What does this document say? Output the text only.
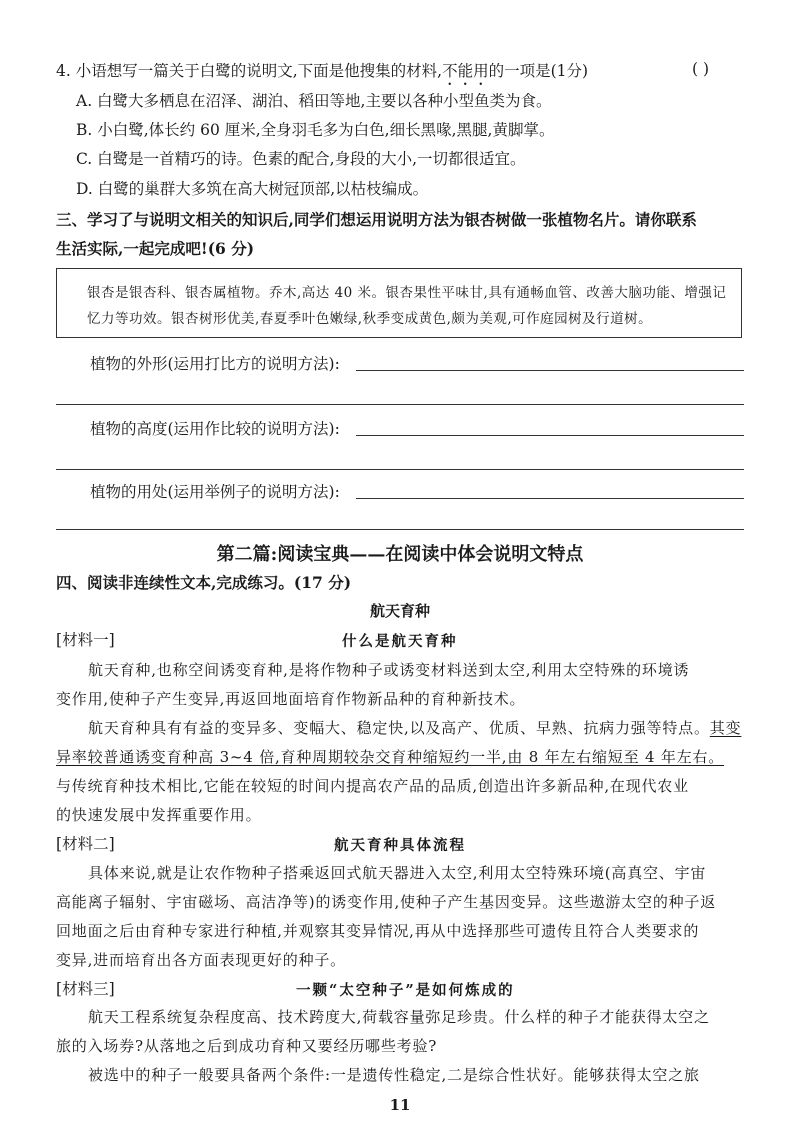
4. 小语想写一篇关于白鹭的说明文,下面是他搜集的材料,不能用的一项是(1分)	( )
A. 白鹭大多栖息在沼泽、湖泊、稻田等地,主要以各种小型鱼类为食。
B. 小白鹭,体长约 60 厘米,全身羽毛多为白色,细长黑喙,黑腿,黄脚掌。
C. 白鹭是一首精巧的诗。色素的配合,身段的大小,一切都很适宜。
D. 白鹭的巢群大多筑在高大树冠顶部,以枯枝编成。
三、学习了与说明文相关的知识后,同学们想运用说明方法为银杏树做一张植物名片。请你联系
生活实际,一起完成吧!(6 分)
银杏是银杏科、银杏属植物。乔木,高达 40 米。银杏果性平味甘,具有通畅血管、改善大脑功能、增强记
忆力等功效。银杏树形优美,春夏季叶色嫩绿,秋季变成黄色,颇为美观,可作庭园树及行道树。
植物的外形(运用打比方的说明方法):
植物的高度(运用作比较的说明方法):
植物的用处(运用举例子的说明方法):
第二篇:阅读宝典——在阅读中体会说明文特点
四、阅读非连续性文本,完成练习。(17 分)
航天育种
[材料一]	什么是航天育种
航天育种,也称空间诱变育种,是将作物种子或诱变材料送到太空,利用太空特殊的环境诱
变作用,使种子产生变异,再返回地面培育作物新品种的育种新技术。
航天育种具有有益的变异多、变幅大、稳定快,以及高产、优质、早熟、抗病力强等特点。其变
异率较普通诱变育种高 3~4 倍,育种周期较杂交育种缩短约一半,由 8 年左右缩短至 4 年左右。
与传统育种技术相比,它能在较短的时间内提高农产品的品质,创造出许多新品种,在现代农业
的快速发展中发挥重要作用。
[材料二]	航天育种具体流程
具体来说,就是让农作物种子搭乘返回式航天器进入太空,利用太空特殊环境(高真空、宇宙
高能离子辐射、宇宙磁场、高洁净等)的诱变作用,使种子产生基因变异。这些遨游太空的种子返
回地面之后由育种专家进行种植,并观察其变异情况,再从中选择那些可遗传且符合人类要求的
变异,进而培育出各方面表现更好的种子。
[材料三]	一颗“太空种子”是如何炼成的
航天工程系统复杂程度高、技术跨度大,荷载容量弥足珍贵。什么样的种子才能获得太空之
旅的入场券?从落地之后到成功育种又要经历哪些考验?
被选中的种子一般要具备两个条件:一是遗传性稳定,二是综合性状好。能够获得太空之旅
11
